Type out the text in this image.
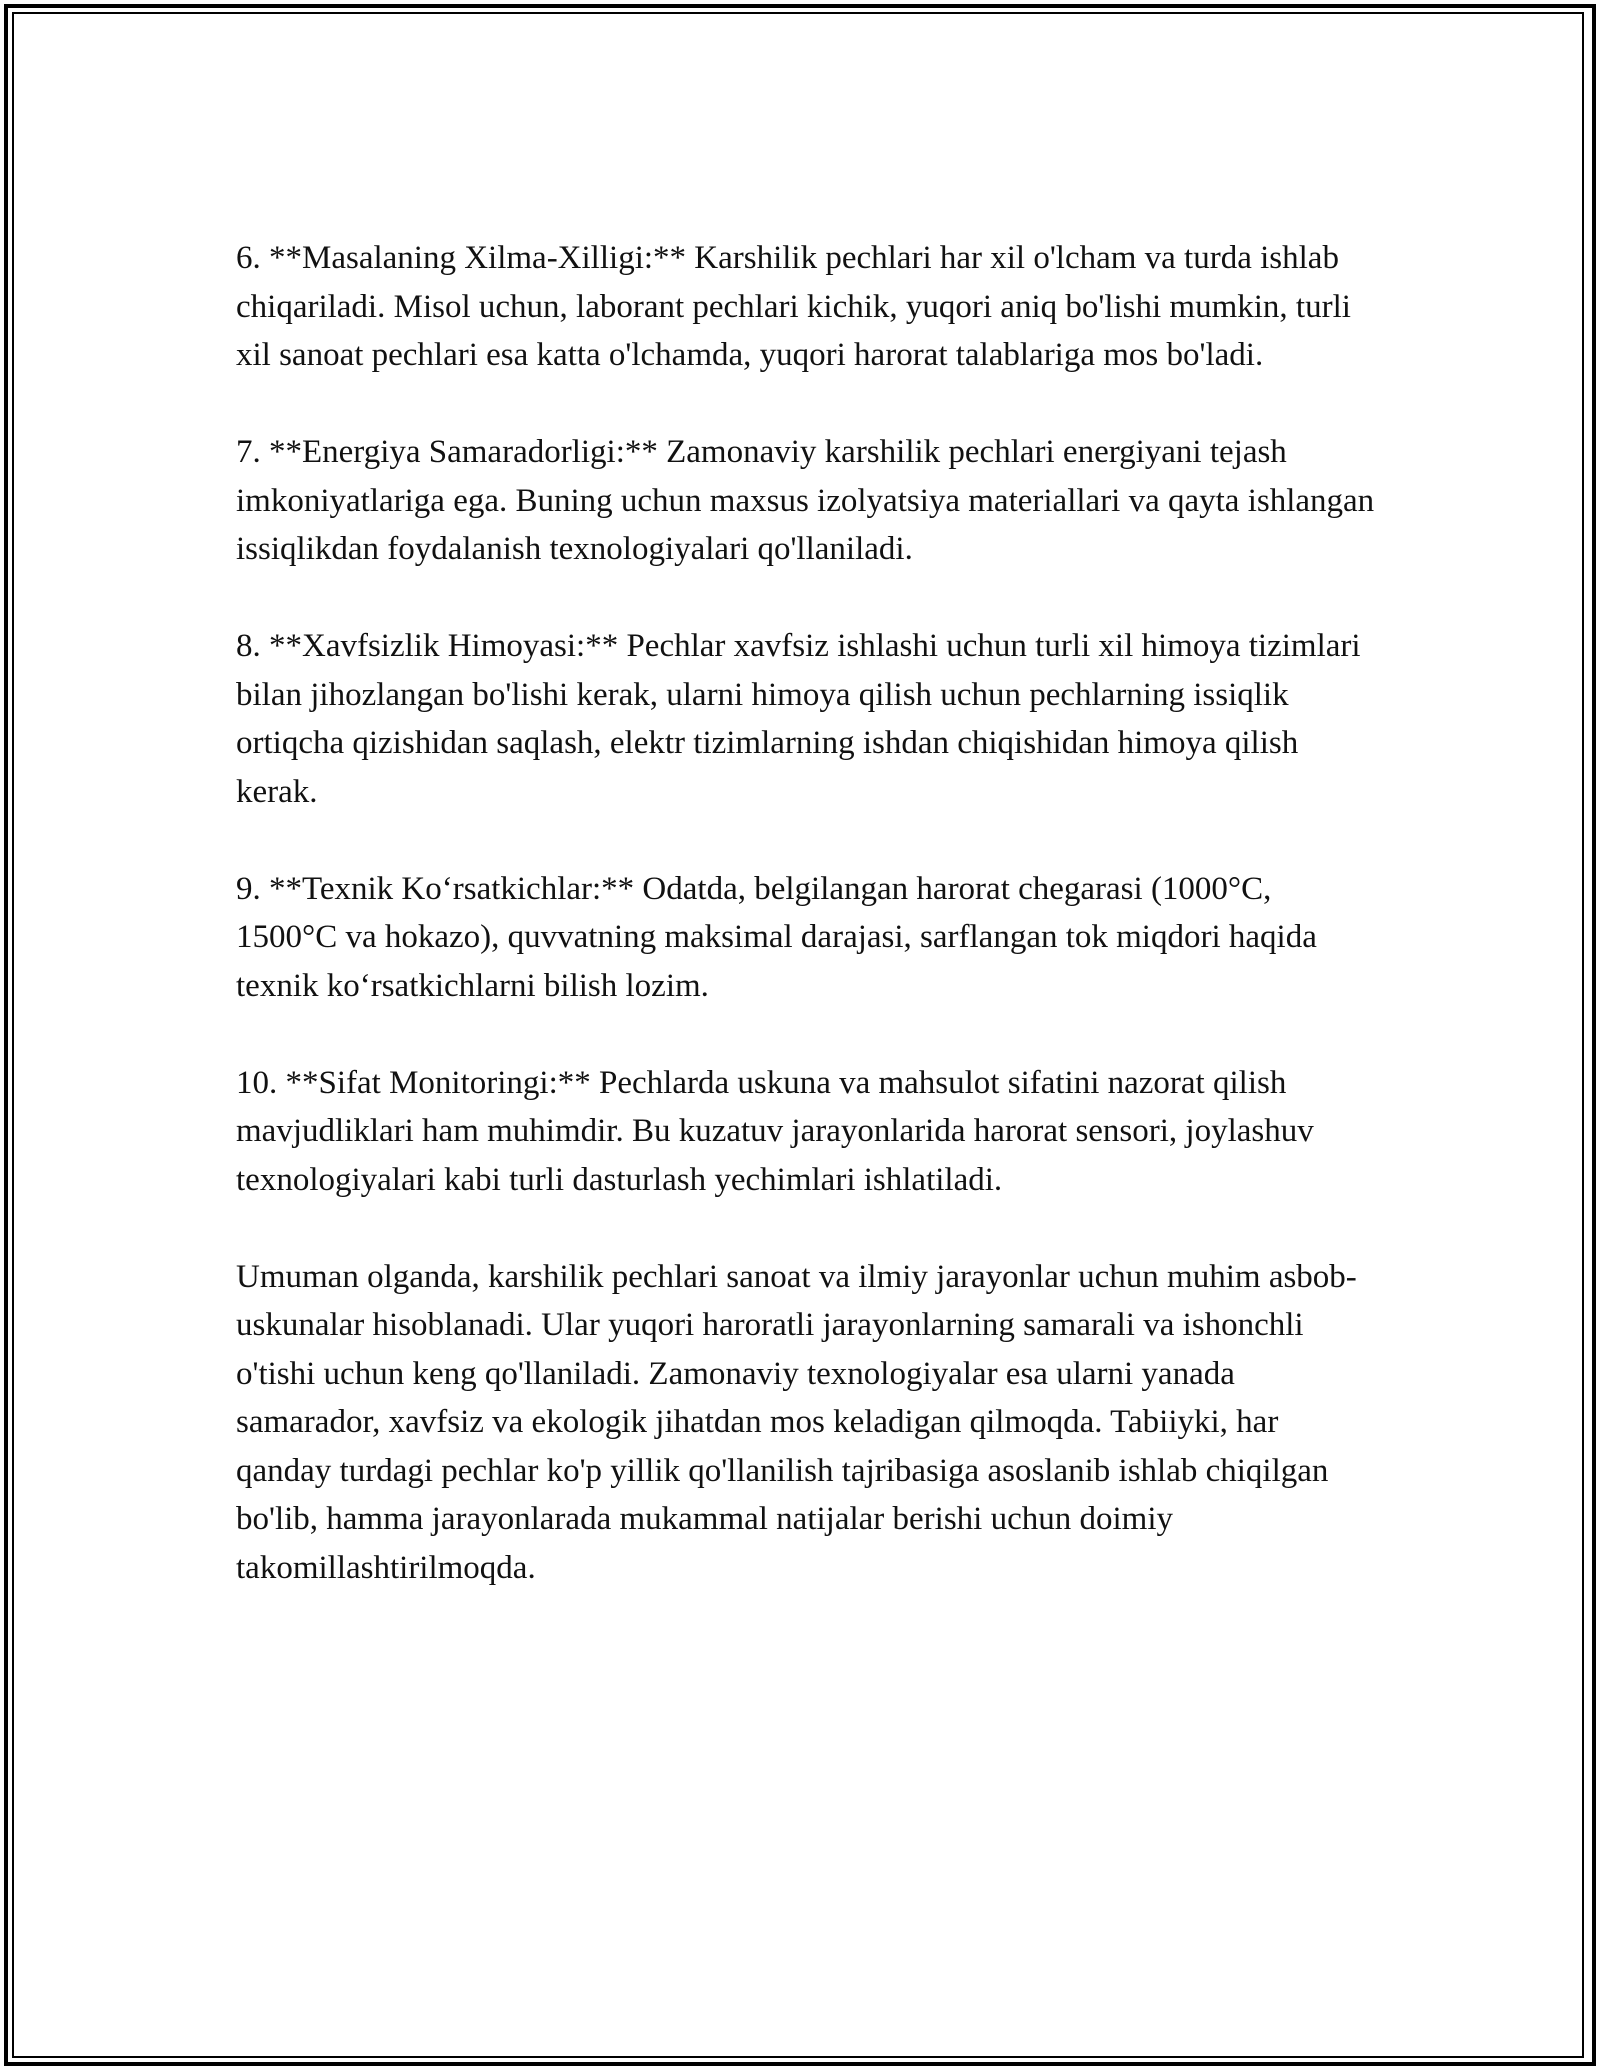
6. **Masalaning Xilma-Xilligi:** Karshilik pechlari har xil o'lcham va turda ishlab chiqariladi. Misol uchun, laborant pechlari kichik, yuqori aniq bo'lishi mumkin, turli xil sanoat pechlari esa katta o'lchamda, yuqori harorat talablariga mos bo'ladi.

7. **Energiya Samaradorligi:** Zamonaviy karshilik pechlari energiyani tejash imkoniyatlariga ega. Buning uchun maxsus izolyatsiya materiallari va qayta ishlangan issiqlikdan foydalanish texnologiyalari qo'llaniladi.

8. **Xavfsizlik Himoyasi:** Pechlar xavfsiz ishlashi uchun turli xil himoya tizimlari bilan jihozlangan bo'lishi kerak, ularni himoya qilish uchun pechlarning issiqlik ortiqcha qizishidan saqlash, elektr tizimlarning ishdan chiqishidan himoya qilish kerak.

9. **Texnik Ko‘rsatkichlar:** Odatda, belgilangan harorat chegarasi (1000°C, 1500°C va hokazo), quvvatning maksimal darajasi, sarflangan tok miqdori haqida texnik ko‘rsatkichlarni bilish lozim.

10. **Sifat Monitoringi:** Pechlarda uskuna va mahsulot sifatini nazorat qilish mavjudliklari ham muhimdir. Bu kuzatuv jarayonlarida harorat sensori, joylashuv texnologiyalari kabi turli dasturlash yechimlari ishlatiladi.

Umuman olganda, karshilik pechlari sanoat va ilmiy jarayonlar uchun muhim asbob-uskunalar hisoblanadi. Ular yuqori haroratli jarayonlarning samarali va ishonchli o'tishi uchun keng qo'llaniladi. Zamonaviy texnologiyalar esa ularni yanada samarador, xavfsiz va ekologik jihatdan mos keladigan qilmoqda. Tabiiyki, har qanday turdagi pechlar ko'p yillik qo'llanilish tajribasiga asoslanib ishlab chiqilgan bo'lib, hamma jarayonlarada mukammal natijalar berishi uchun doimiy takomillashtirilmoqda.
